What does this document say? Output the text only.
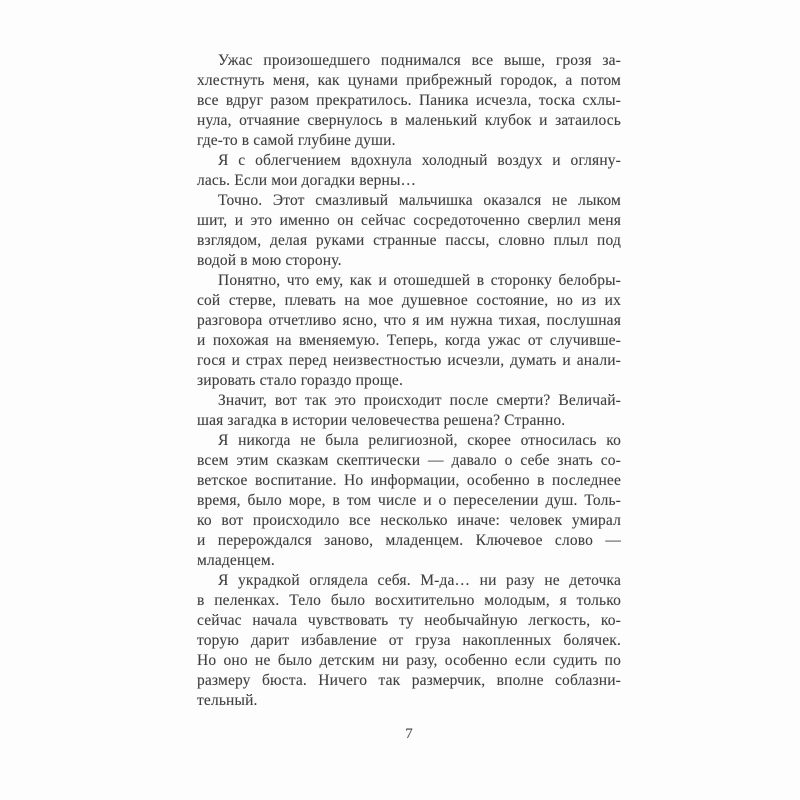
Ужас произошедшего поднимался все выше, грозя за-
хлестнуть меня, как цунами прибрежный городок, а потом
все вдруг разом прекратилось. Паника исчезла, тоска схлы-
нула, отчаяние свернулось в маленький клубок и затаилось
где-то в самой глубине души.
Я с облегчением вдохнула холодный воздух и огляну-
лась. Если мои догадки верны…
Точно. Этот смазливый мальчишка оказался не лыком
шит, и это именно он сейчас сосредоточенно сверлил меня
взглядом, делая руками странные пассы, словно плыл под
водой в мою сторону.
Понятно, что ему, как и отошедшей в сторонку белобры-
сой стерве, плевать на мое душевное состояние, но из их
разговора отчетливо ясно, что я им нужна тихая, послушная
и похожая на вменяемую. Теперь, когда ужас от случивше-
гося и страх перед неизвестностью исчезли, думать и анали-
зировать стало гораздо проще.
Значит, вот так это происходит после смерти? Величай-
шая загадка в истории человечества решена? Странно.
Я никогда не была религиозной, скорее относилась ко
всем этим сказкам скептически — давало о себе знать со-
ветское воспитание. Но информации, особенно в последнее
время, было море, в том числе и о переселении душ. Толь-
ко вот происходило все несколько иначе: человек умирал
и перерождался заново, младенцем. Ключевое слово —
младенцем.
Я украдкой оглядела себя. М-да… ни разу не деточка
в пеленках. Тело было восхитительно молодым, я только
сейчас начала чувствовать ту необычайную легкость, ко-
торую дарит избавление от груза накопленных болячек.
Но оно не было детским ни разу, особенно если судить по
размеру бюста. Ничего так размерчик, вполне соблазни-
тельный.
7
